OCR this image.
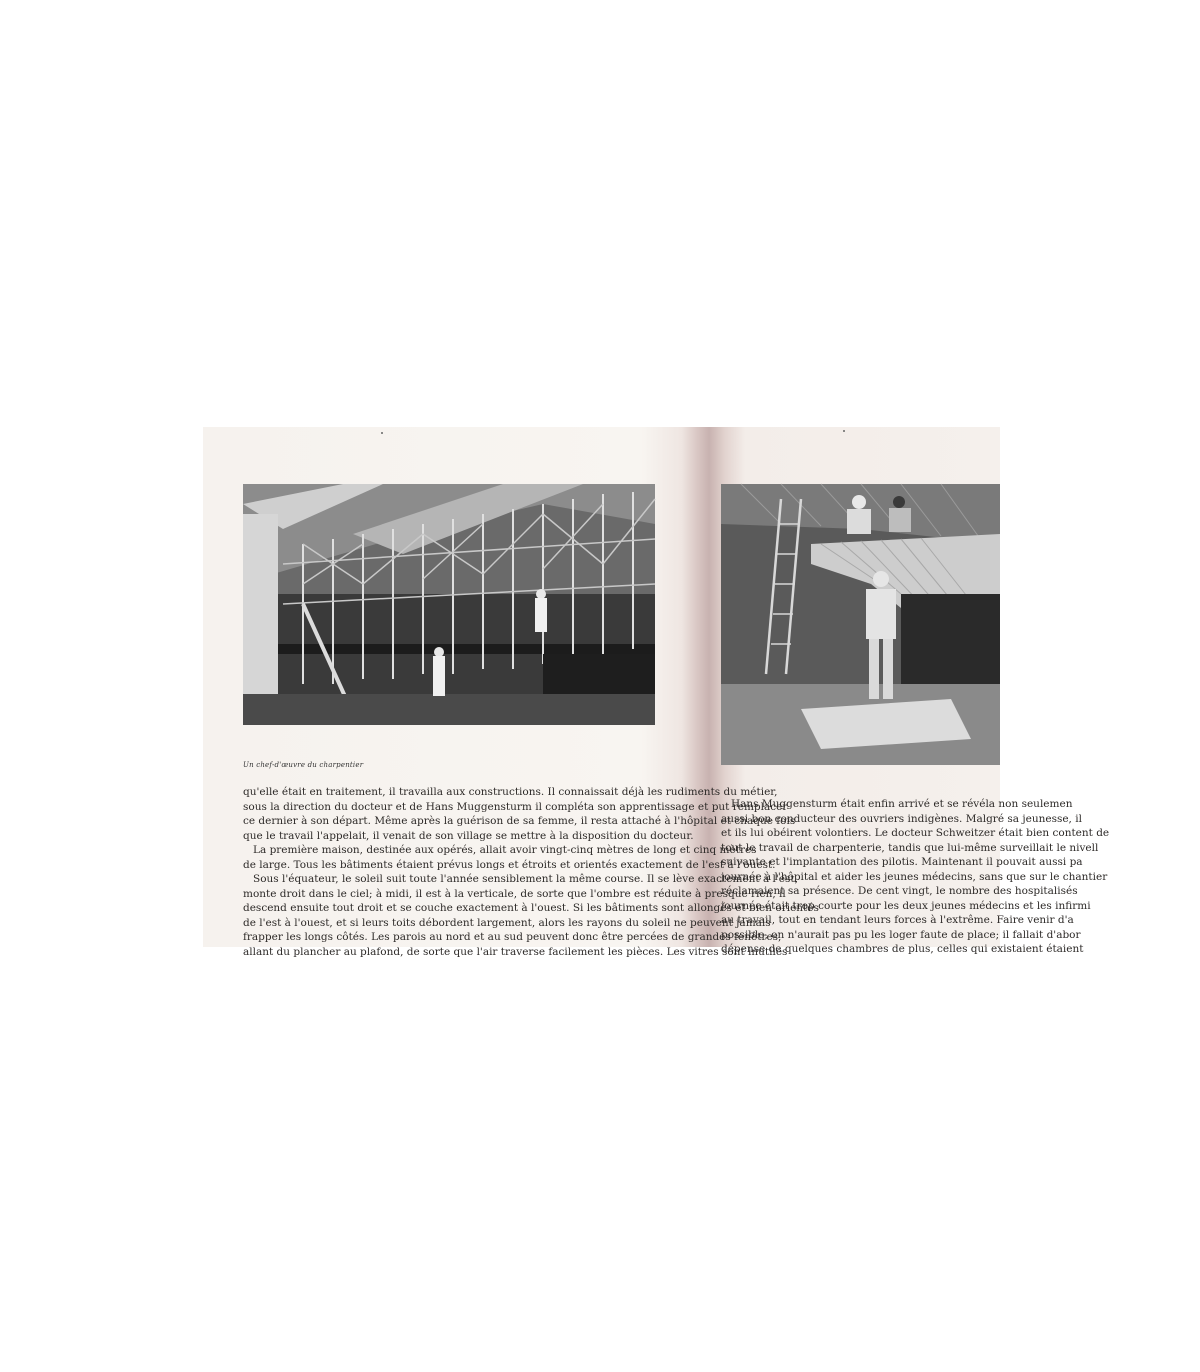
Un chef-d'œuvre du charpentier
qu'elle était en traitement, il travailla aux constructions. Il connaissait déjà les rudiments du métier,
sous la direction du docteur et de Hans Muggensturm il compléta son apprentissage et put remplacer
ce dernier à son départ. Même après la guérison de sa femme, il resta attaché à l'hôpital et chaque fois
que le travail l'appelait, il venait de son village se mettre à la disposition du docteur.
La première maison, destinée aux opérés, allait avoir vingt-cinq mètres de long et cinq mètres
de large. Tous les bâtiments étaient prévus longs et étroits et orientés exactement de l'est à l'ouest.
Sous l'équateur, le soleil suit toute l'année sensiblement la même course. Il se lève exactement à l'est,
monte droit dans le ciel; à midi, il est à la verticale, de sorte que l'ombre est réduite à presque rien, il
descend ensuite tout droit et se couche exactement à l'ouest. Si les bâtiments sont allongés et bien orientés
de l'est à l'ouest, et si leurs toits débordent largement, alors les rayons du soleil ne peuvent jamais
frapper les longs côtés. Les parois au nord et au sud peuvent donc être percées de grandes fenêtres,
allant du plancher au plafond, de sorte que l'air traverse facilement les pièces. Les vitres sont inutiles
Hans Muggensturm était enfin arrivé et se révéla non seulemen
aussi bon conducteur des ouvriers indigènes. Malgré sa jeunesse, il
et ils lui obéirent volontiers. Le docteur Schweitzer était bien content de
tout le travail de charpenterie, tandis que lui-même surveillait le nivell
suivante et l'implantation des pilotis. Maintenant il pouvait aussi pa
journée à l'hôpital et aider les jeunes médecins, sans que sur le chantier
réclamaient sa présence. De cent vingt, le nombre des hospitalisés
journée était trop courte pour les deux jeunes médecins et les infirmi
au travail, tout en tendant leurs forces à l'extrême. Faire venir d'a
possible, on n'aurait pas pu les loger faute de place; il fallait d'abor
dépense de quelques chambres de plus, celles qui existaient étaient
